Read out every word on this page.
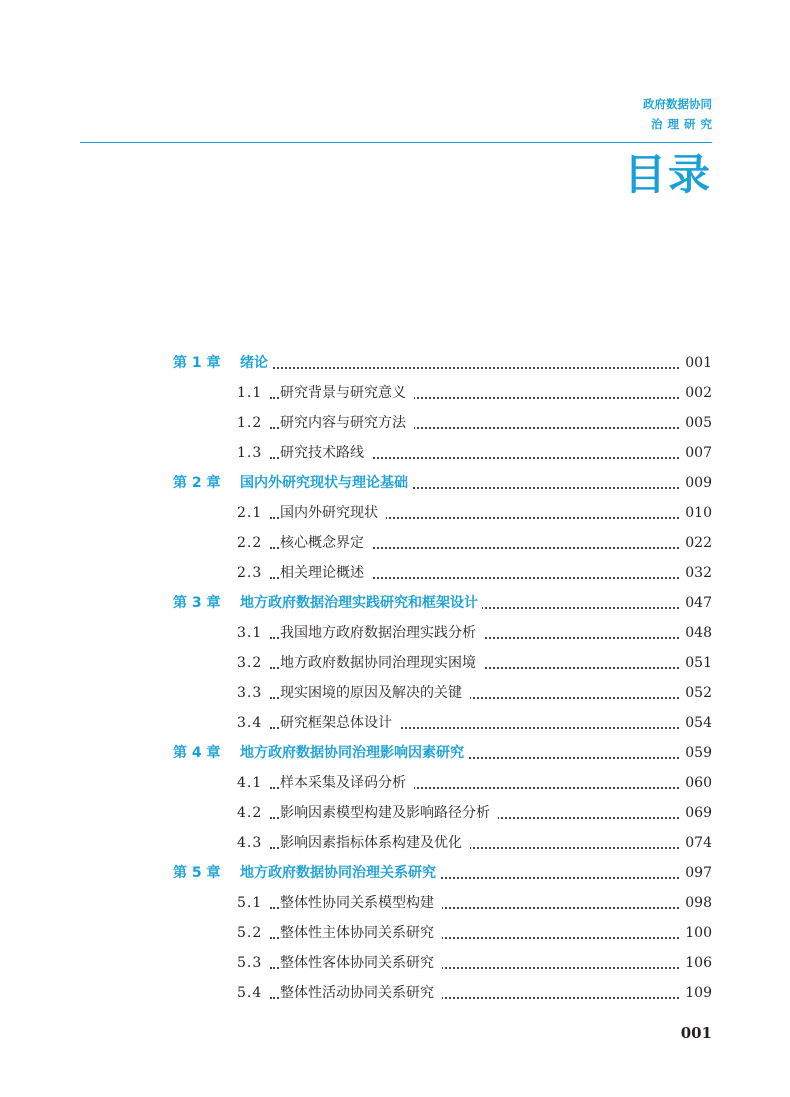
政府数据协同
治理研究
目录
第 1 章 绪论	001
1.1 研究背景与研究意义	002
1.2 研究内容与研究方法	005
1.3 研究技术路线	007
第 2 章 国内外研究现状与理论基础	009
2.1 国内外研究现状	010
2.2 核心概念界定	022
2.3 相关理论概述	032
第 3 章 地方政府数据治理实践研究和框架设计	047
3.1 我国地方政府数据治理实践分析	048
3.2 地方政府数据协同治理现实困境	051
3.3 现实困境的原因及解决的关键	052
3.4 研究框架总体设计	054
第 4 章 地方政府数据协同治理影响因素研究	059
4.1 样本采集及译码分析	060
4.2 影响因素模型构建及影响路径分析	069
4.3 影响因素指标体系构建及优化	074
第 5 章 地方政府数据协同治理关系研究	097
5.1 整体性协同关系模型构建	098
5.2 整体性主体协同关系研究	100
5.3 整体性客体协同关系研究	106
5.4 整体性活动协同关系研究	109
001
